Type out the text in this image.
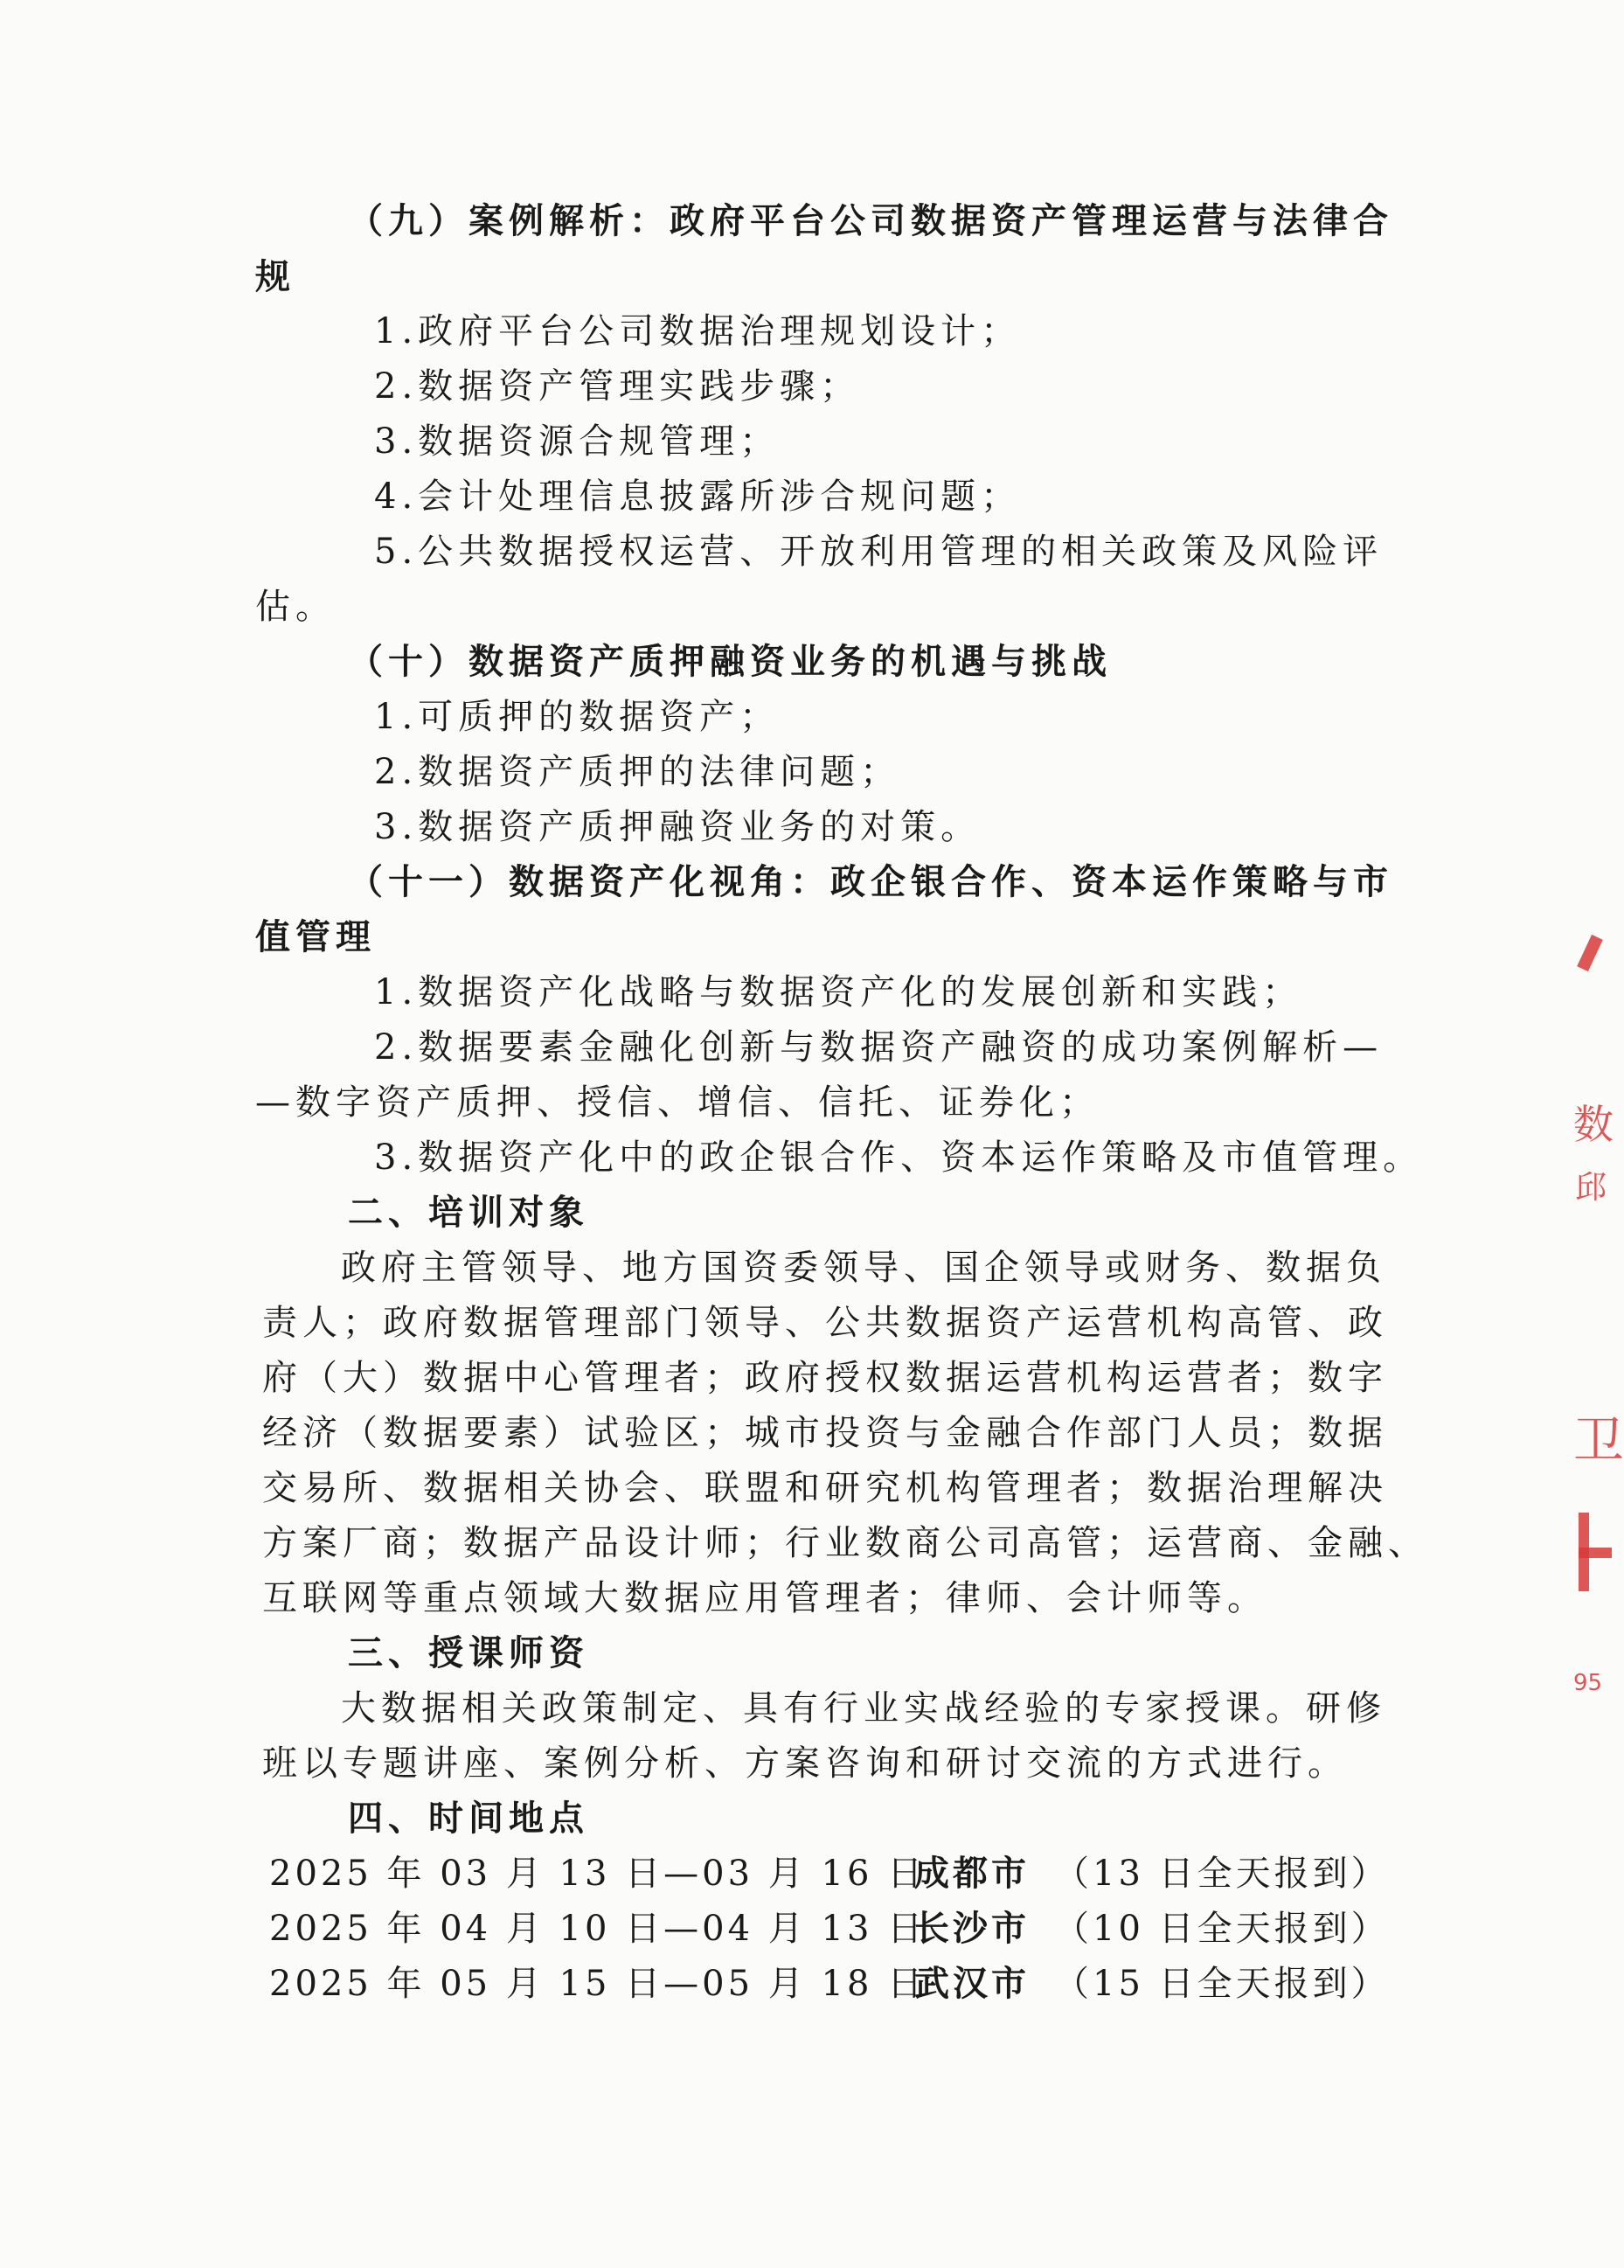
（九）案例解析：政府平台公司数据资产管理运营与法律合
规
1.政府平台公司数据治理规划设计；
2.数据资产管理实践步骤；
3.数据资源合规管理；
4.会计处理信息披露所涉合规问题；
5.公共数据授权运营、开放利用管理的相关政策及风险评
估。
（十）数据资产质押融资业务的机遇与挑战
1.可质押的数据资产；
2.数据资产质押的法律问题；
3.数据资产质押融资业务的对策。
（十一）数据资产化视角：政企银合作、资本运作策略与市
值管理
1.数据资产化战略与数据资产化的发展创新和实践；
2.数据要素金融化创新与数据资产融资的成功案例解析—
—数字资产质押、授信、增信、信托、证券化；
3.数据资产化中的政企银合作、资本运作策略及市值管理。
二、培训对象
政府主管领导、地方国资委领导、国企领导或财务、数据负
责人；政府数据管理部门领导、公共数据资产运营机构高管、政
府（大）数据中心管理者；政府授权数据运营机构运营者；数字
经济（数据要素）试验区；城市投资与金融合作部门人员；数据
交易所、数据相关协会、联盟和研究机构管理者；数据治理解决
方案厂商；数据产品设计师；行业数商公司高管；运营商、金融、
互联网等重点领域大数据应用管理者；律师、会计师等。
三、授课师资
大数据相关政策制定、具有行业实战经验的专家授课。研修
班以专题讲座、案例分析、方案咨询和研讨交流的方式进行。
四、时间地点
2025 年 03 月 13 日—03 月 16 日
成都市 （13 日全天报到）
2025 年 04 月 10 日—04 月 13 日
长沙市 （10 日全天报到）
2025 年 05 月 15 日—05 月 18 日
武汉市 （15 日全天报到）
数
邱
卫
95
